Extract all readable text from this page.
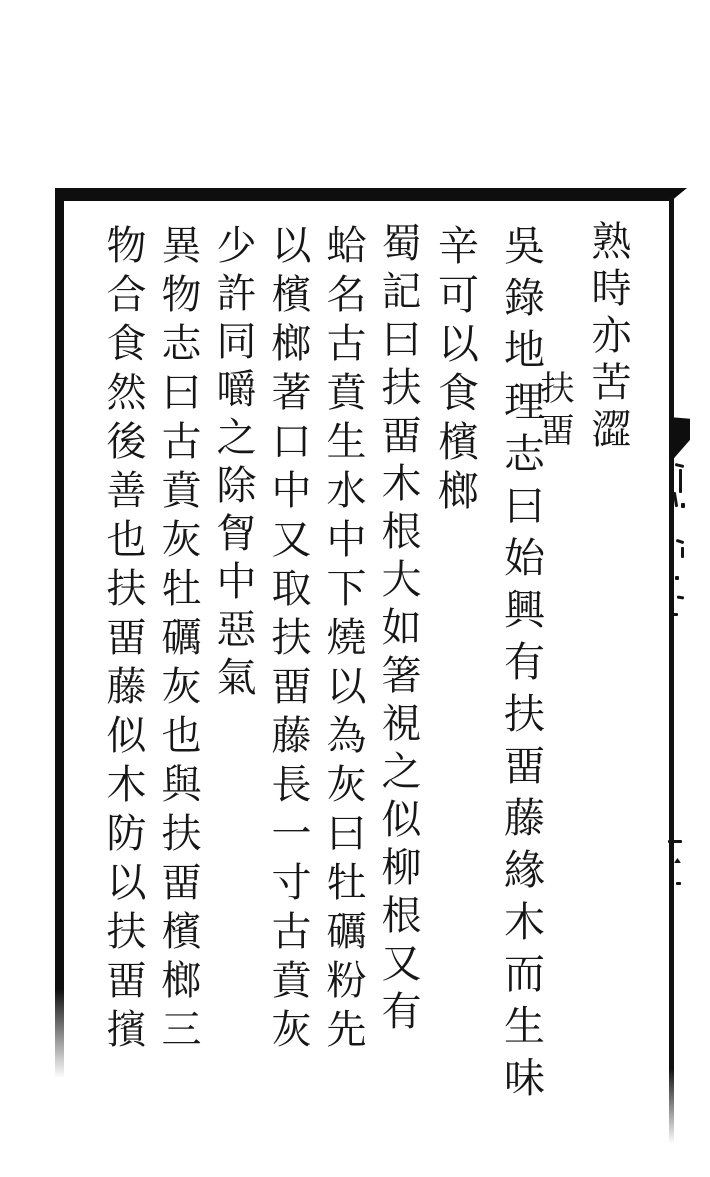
熟時亦苦澀
扶畱
吳錄地理志曰始興有扶畱藤緣木而生味
辛可以食檳榔
蜀記曰扶畱木根大如箸視之似柳根又有
蛤名古賁生水中下燒以為灰曰牡礪粉先
以檳榔著口中又取扶畱藤長一寸古賁灰
少許同嚼之除胷中惡氣
異物志曰古賁灰牡礪灰也與扶畱檳榔三
物合食然後善也扶畱藤似木防以扶畱擯
